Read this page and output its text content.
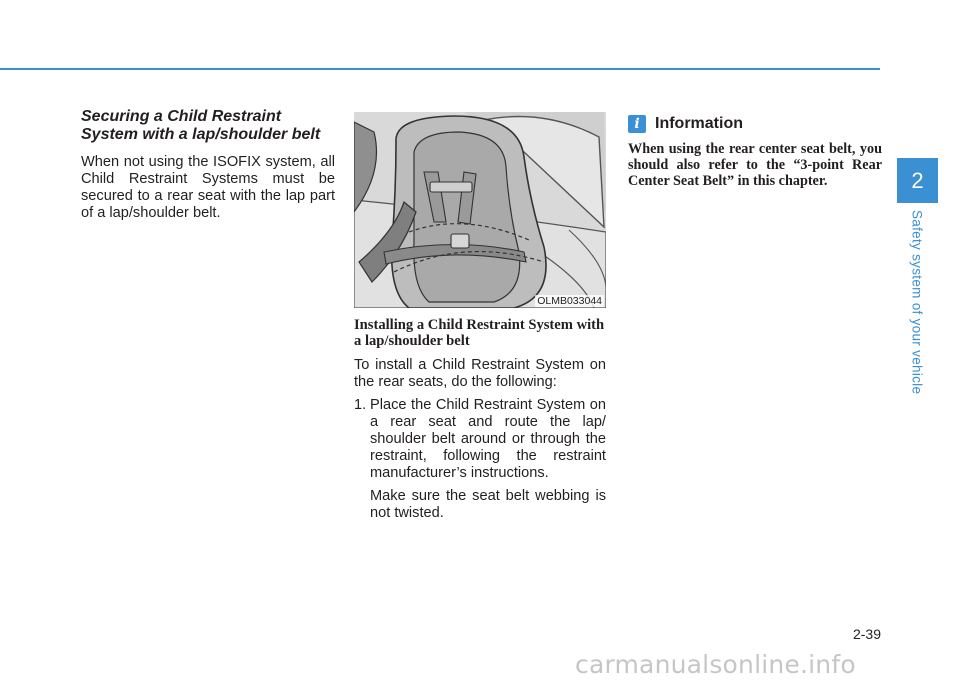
Securing a Child Restraint System with a lap/shoulder belt

When not using the ISOFIX system, all Child Restraint Systems must be secured to a rear seat with the lap part of a lap/shoulder belt.

OLMB033044
Installing a Child Restraint System with a lap/shoulder belt

To install a Child Restraint System on the rear seats, do the following:

1. Place the Child Restraint System on a rear seat and route the lap/ shoulder belt around or through the restraint, following the restraint manufacturer’s instructions.

Make sure the seat belt webbing is not twisted.

i Information

When using the rear center seat belt, you should also refer to the “3-point Rear Center Seat Belt” in this chapter.	2
Safety system of your vehicle
2-39
carmanualsonline.info
